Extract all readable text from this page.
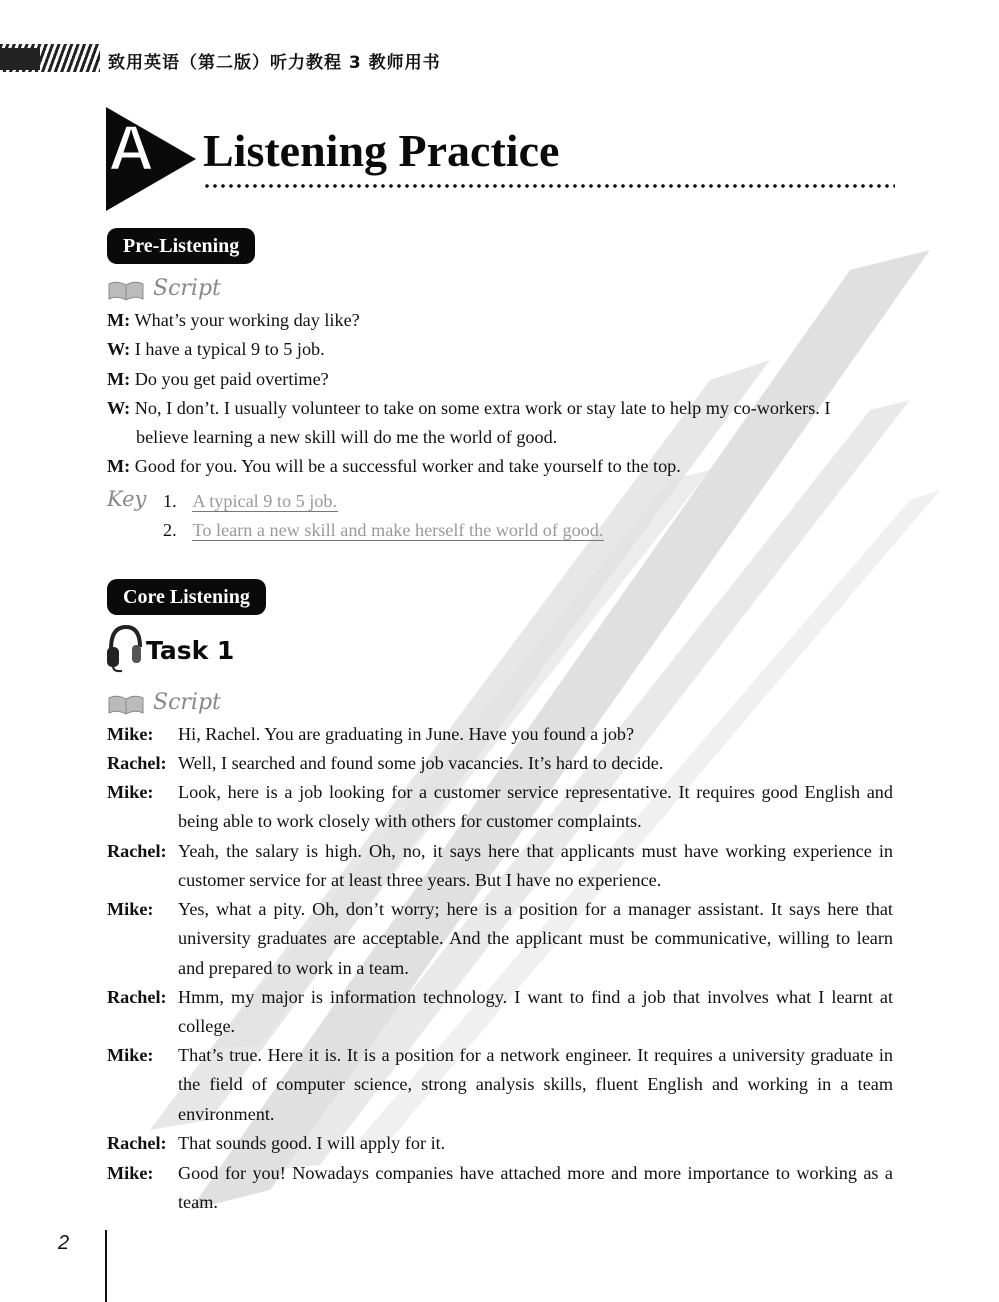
致用英语（第二版）听力教程 3 教师用书
A Listening Practice
Pre-Listening
Script
M: What’s your working day like?
W: I have a typical 9 to 5 job.
M: Do you get paid overtime?
W: No, I don’t. I usually volunteer to take on some extra work or stay late to help my co-workers. I
believe learning a new skill will do me the world of good.
M: Good for you. You will be a successful worker and take yourself to the top.
Key 1. A typical 9 to 5 job.
2. To learn a new skill and make herself the world of good.
Core Listening
Task 1
Script
Mike:	Hi, Rachel. You are graduating in June. Have you found a job?
Rachel: Well, I searched and found some job vacancies. It’s hard to decide.
Mike:	Look, here is a job looking for a customer service representative. It requires good English and being able to work closely with others for customer complaints.
Rachel: Yeah, the salary is high. Oh, no, it says here that applicants must have working experience in customer service for at least three years. But I have no experience.
Mike:	Yes, what a pity. Oh, don’t worry; here is a position for a manager assistant. It says here that university graduates are acceptable. And the applicant must be communicative, willing to learn and prepared to work in a team.
Rachel: Hmm, my major is information technology. I want to find a job that involves what I learnt at college.
Mike:	That’s true. Here it is. It is a position for a network engineer. It requires a university graduate in the field of computer science, strong analysis skills, fluent English and working in a team environment.
Rachel: That sounds good. I will apply for it.
Mike:	Good for you! Nowadays companies have attached more and more importance to working as a team.
2
